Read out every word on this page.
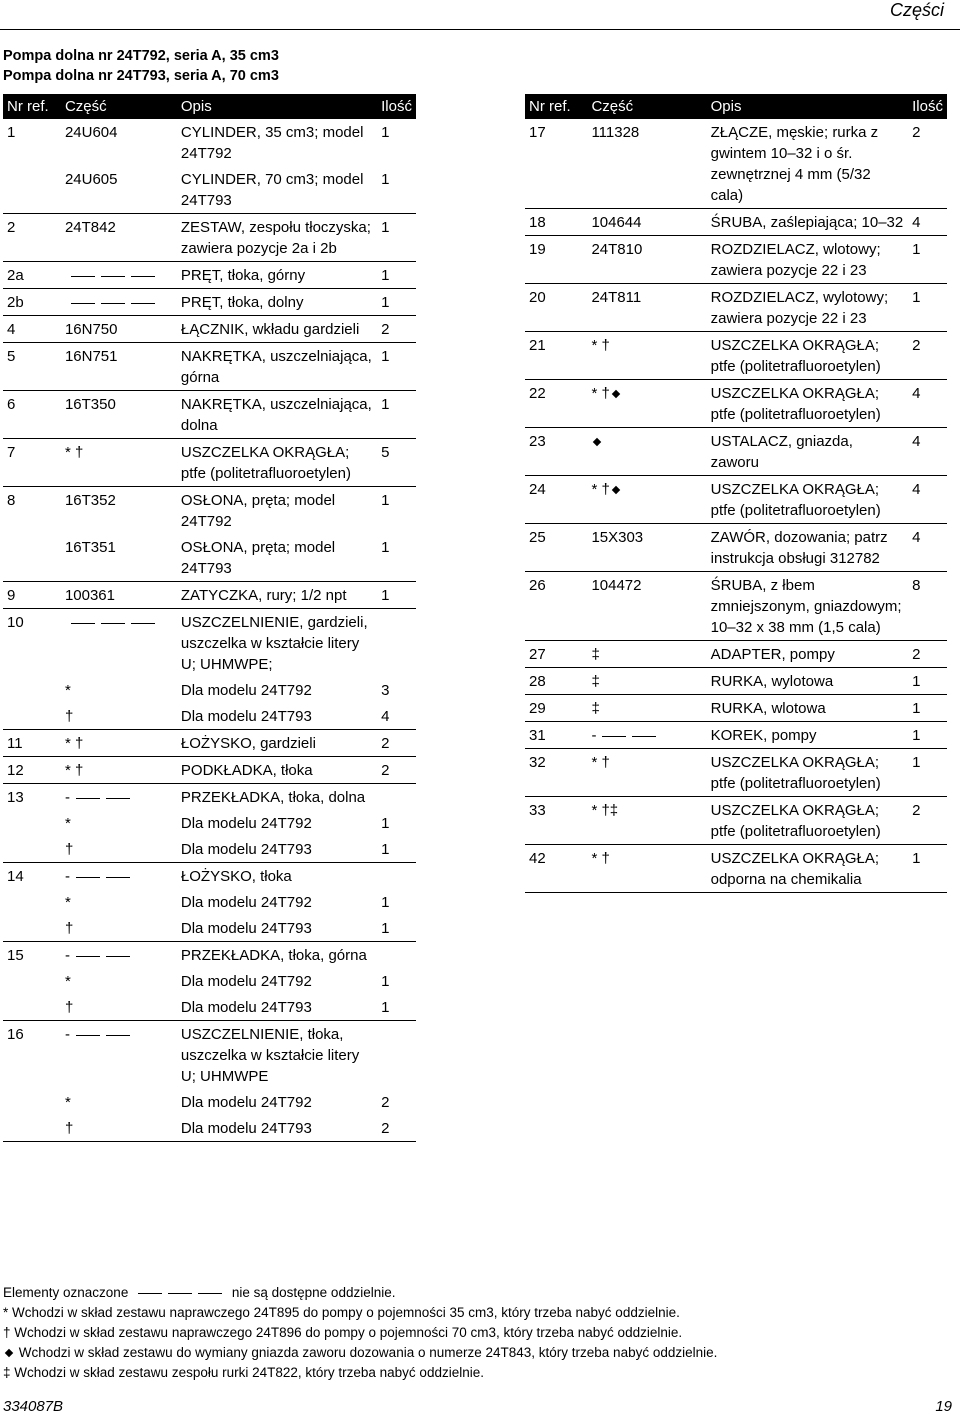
Części
Pompa dolna nr 24T792, seria A, 35 cm3
Pompa dolna nr 24T793, seria A, 70 cm3
Nr ref.	Część	Opis	Ilość
1	24U604	CYLINDER, 35 cm3; model 24T792	1
	24U605	CYLINDER, 70 cm3; model 24T793	1
2	24T842	ZESTAW, zespołu tłoczyska; zawiera pozycje 2a i 2b	1
2a		PRĘT, tłoka, górny	1
2b		PRĘT, tłoka, dolny	1
4	16N750	ŁĄCZNIK, wkładu gardzieli	2
5	16N751	NAKRĘTKA, uszczelniająca, górna	1
6	16T350	NAKRĘTKA, uszczelniająca, dolna	1
7	* †	USZCZELKA OKRĄGŁA; ptfe (politetrafluoroetylen)	5
8	16T352	OSŁONA, pręta; model 24T792	1
	16T351	OSŁONA, pręta; model 24T793	1
9	100361	ZATYCZKA, rury; 1/2 npt	1
10		USZCZELNIENIE, gardzieli, uszczelka w kształcie litery U; UHMWPE;	
	*	Dla modelu 24T792	3
	†	Dla modelu 24T793	4
11	* †	ŁOŻYSKO, gardzieli	2
12	* †	PODKŁADKA, tłoka	2
13	-	PRZEKŁADKA, tłoka, dolna	
	*	Dla modelu 24T792	1
	†	Dla modelu 24T793	1
14	-	ŁOŻYSKO, tłoka	
	*	Dla modelu 24T792	1
	†	Dla modelu 24T793	1
15	-	PRZEKŁADKA, tłoka, górna	
	*	Dla modelu 24T792	1
	†	Dla modelu 24T793	1
16	-	USZCZELNIENIE, tłoka, uszczelka w kształcie litery U; UHMWPE	
	*	Dla modelu 24T792	2
	†	Dla modelu 24T793	2
Nr ref.	Część	Opis	Ilość
17	111328	ZŁĄCZE, męskie; rurka z gwintem 10–32 i o śr. zewnętrznej 4 mm (5/32 cala)	2
18	104644	ŚRUBA, zaślepiająca; 10–32	4
19	24T810	ROZDZIELACZ, wlotowy; zawiera pozycje 22 i 23	1
20	24T811	ROZDZIELACZ, wylotowy; zawiera pozycje 22 i 23	1
21	* †	USZCZELKA OKRĄGŁA; ptfe (politetrafluoroetylen)	2
22	* †	USZCZELKA OKRĄGŁA; ptfe (politetrafluoroetylen)	4
23		USTALACZ, gniazda, zaworu	4
24	* †	USZCZELKA OKRĄGŁA; ptfe (politetrafluoroetylen)	4
25	15X303	ZAWÓR, dozowania; patrz instrukcja obsługi 312782	4
26	104472	ŚRUBA, z łbem zmniejszonym, gniazdowym; 10–32 x 38 mm (1,5 cala)	8
27	‡	ADAPTER, pompy	2
28	‡	RURKA, wylotowa	1
29	‡	RURKA, wlotowa	1
31	-	KOREK, pompy	1
32	* †	USZCZELKA OKRĄGŁA; ptfe (politetrafluoroetylen)	1
33	* †‡	USZCZELKA OKRĄGŁA; ptfe (politetrafluoroetylen)	2
42	* †	USZCZELKA OKRĄGŁA; odporna na chemikalia	1
Elementy oznaczone	nie są dostępne oddzielnie.
* Wchodzi w skład zestawu naprawczego 24T895 do pompy o pojemności 35 cm3, który trzeba nabyć oddzielnie.
† Wchodzi w skład zestawu naprawczego 24T896 do pompy o pojemności 70 cm3, który trzeba nabyć oddzielnie.
Wchodzi w skład zestawu do wymiany gniazda zaworu dozowania o numerze 24T843, który trzeba nabyć oddzielnie.
‡ Wchodzi w skład zestawu zespołu rurki 24T822, który trzeba nabyć oddzielnie.
334087B	19
